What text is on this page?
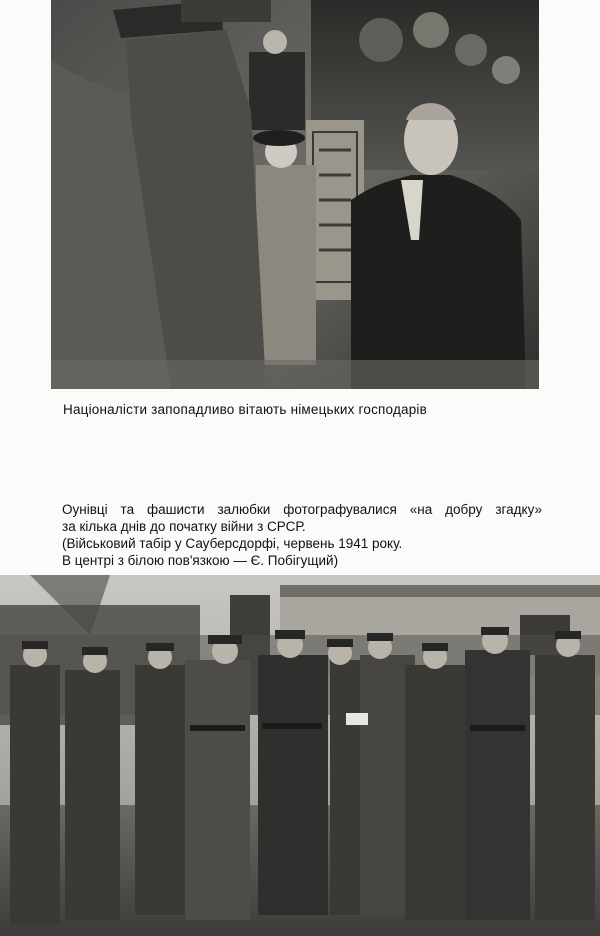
Націоналісти запопадливо вітають німецьких господарів
Оунівці та фашисти залюбки фотографувалися «на добру згадку»
за кілька днів до початку війни з СРСР.
(Військовий табір у Сауберсдорфі, червень 1941 року.
В центрі з білою пов'язкою — Є. Побігущий)
